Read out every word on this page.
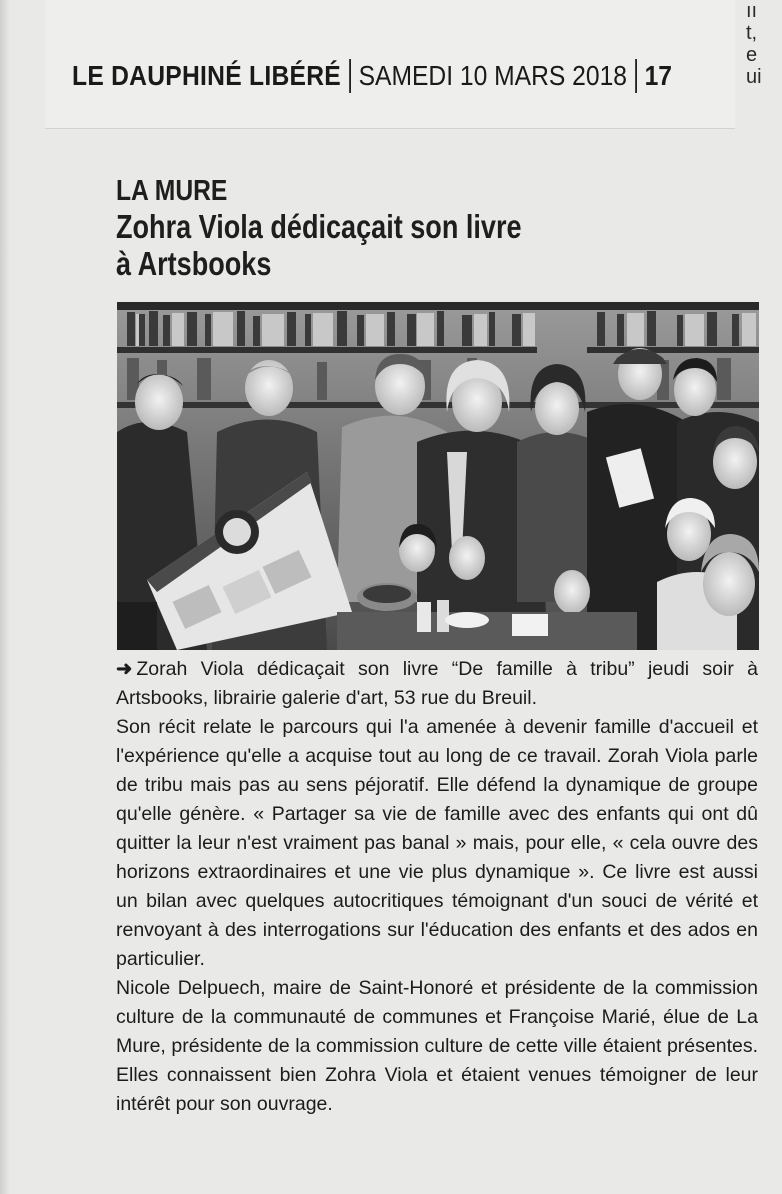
LE DAUPHINÉ LIBÉRÉ SAMEDI 10 MARS 2018 17
ıı
t,
e
ui

LA MURE

Zohra Viola dédicaçait son livre

à Artsbooks

➜ Zorah Viola dédicaçait son livre “De famille à tribu” jeudi soir à Artsbooks, librairie galerie d'art, 53 rue du Breuil.

Son récit relate le parcours qui l'a amenée à devenir famille d'accueil et l'expérience qu'elle a acquise tout au long de ce travail. Zorah Viola parle de tribu mais pas au sens péjoratif. Elle défend la dynamique de groupe qu'elle génère. « Partager sa vie de famille avec des enfants qui ont dû quitter la leur n'est vraiment pas banal » mais, pour elle, « cela ouvre des horizons extraordinaires et une vie plus dynamique ». Ce livre est aussi un bilan avec quelques autocritiques témoignant d'un souci de vérité et renvoyant à des interrogations sur l'éducation des enfants et des ados en particulier.

Nicole Delpuech, maire de Saint-Honoré et présidente de la commission culture de la communauté de communes et Françoise Marié, élue de La Mure, présidente de la commission culture de cette ville étaient présentes. Elles connaissent bien Zohra Viola et étaient venues témoigner de leur intérêt pour son ouvrage.
